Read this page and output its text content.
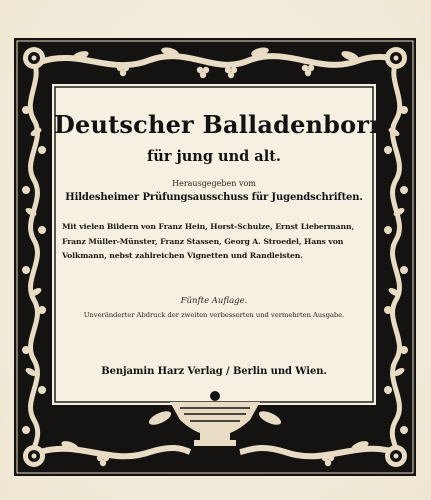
Deutscher Balladenborn
für jung und alt.
Herausgegeben vom
Hildesheimer Prüfungsausschuss für Jugendschriften.
Mit vielen Bildern von Franz Hein, Horst-Schulze, Ernst Liebermann,
Franz Müller-Münster, Franz Stassen, Georg A. Stroedel, Hans von
Volkmann, nebst zahlreichen Vignetten und Randleisten.
Fünfte Auflage.
Unveränderter Abdruck der zweiten verbesserten und vermehrten Ausgabe.
Benjamin Harz Verlag / Berlin und Wien.
